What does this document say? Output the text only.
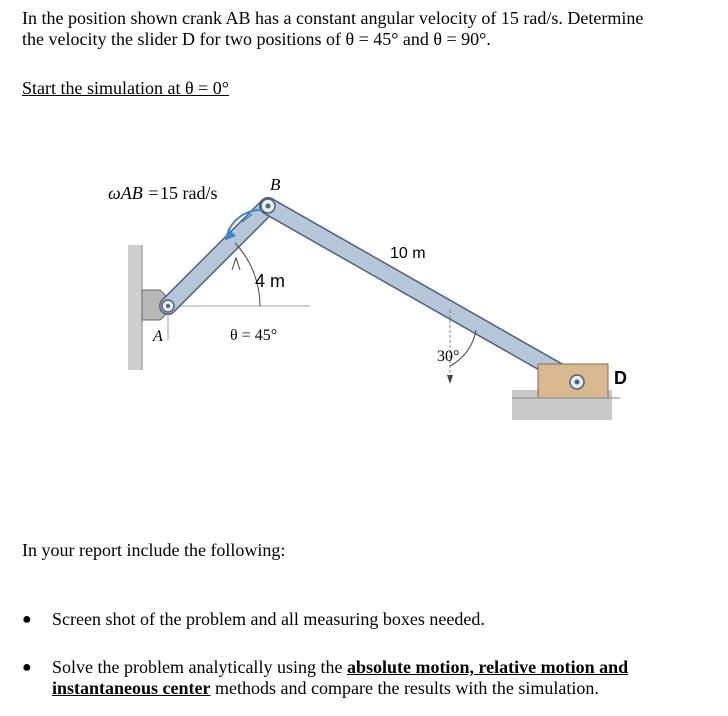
In the position shown crank AB has a constant angular velocity of 15 rad/s. Determine
the velocity the slider D for two positions of θ = 45° and θ = 90°.
Start the simulation at θ = 0°
ωAB = 15 rad/s	B
A
4 m
10 m
θ = 45°
30°
D
In your report include the following:
● Screen shot of the problem and all measuring boxes needed.
● Solve the problem analytically using the absolute motion, relative motion and
instantaneous center methods and compare the results with the simulation.
